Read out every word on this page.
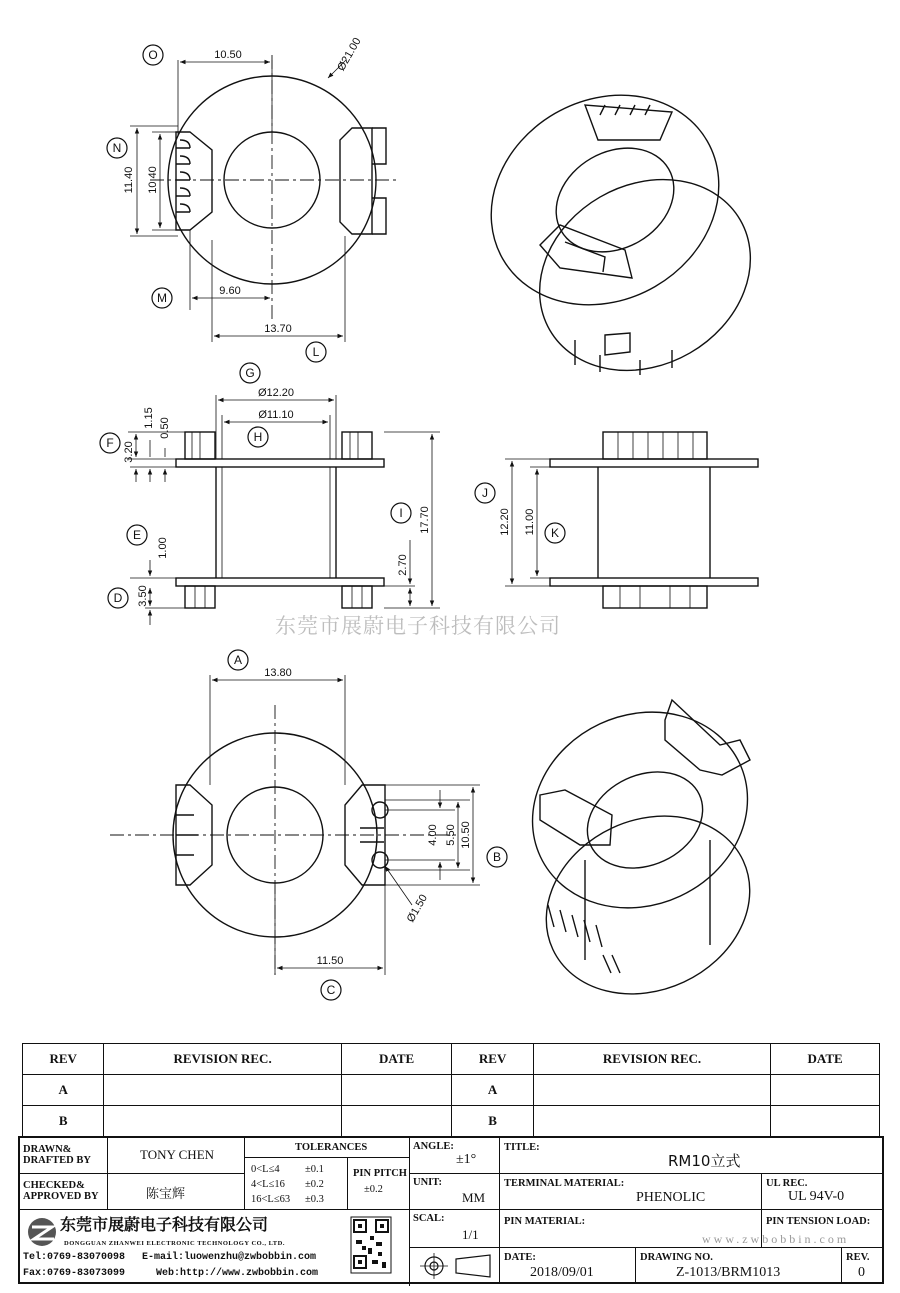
10.50	Ø21.00
11.40 10.40
9.60
13.70
Ø12.20
Ø11.10
1.15 0.50
3.20
1.00
3.50
2.70
17.70	12.20 11.00
13.80
4.00 5.50 10.50
Ø1.50
11.50
O
N
M
L
G
H
F
E
D
I
J
K
A
B
C
东莞市展蔚电子科技有限公司
REV	REVISION REC.	DATE	REV	REVISION REC.	DATE
A			A		
B			B		
DRAWN&
DRAFTED BY	TONY CHEN
CHECKED&
APPROVED BY	陈宝辉
TOLERANCES
0<L≤4 ±0.1
4<L≤16 ±0.2
16<L≤63 ±0.3
PIN PITCH
±0.2
ANGLE:
±1°
UNIT:
MM
SCAL:
1/1
TITLE:
RM10立式
TERMINAL MATERIAL:
PHENOLIC
UL REC.
UL 94V-0
PIN MATERIAL:	PIN TENSION LOAD:
www.zwbobbin.com
DATE:
2018/09/01
DRAWING NO.
Z-1013/BRM1013
REV.
0
DONGGUAN ZHANWEI ELECTRONIC TECHNOLOGY CO., LTD.
Tel:0769-83070098 E-mail:luowenzhu@zwbobbin.com
Fax:0769-83073099	Web:http://www.zwbobbin.com
东莞市展蔚电子科技有限公司
